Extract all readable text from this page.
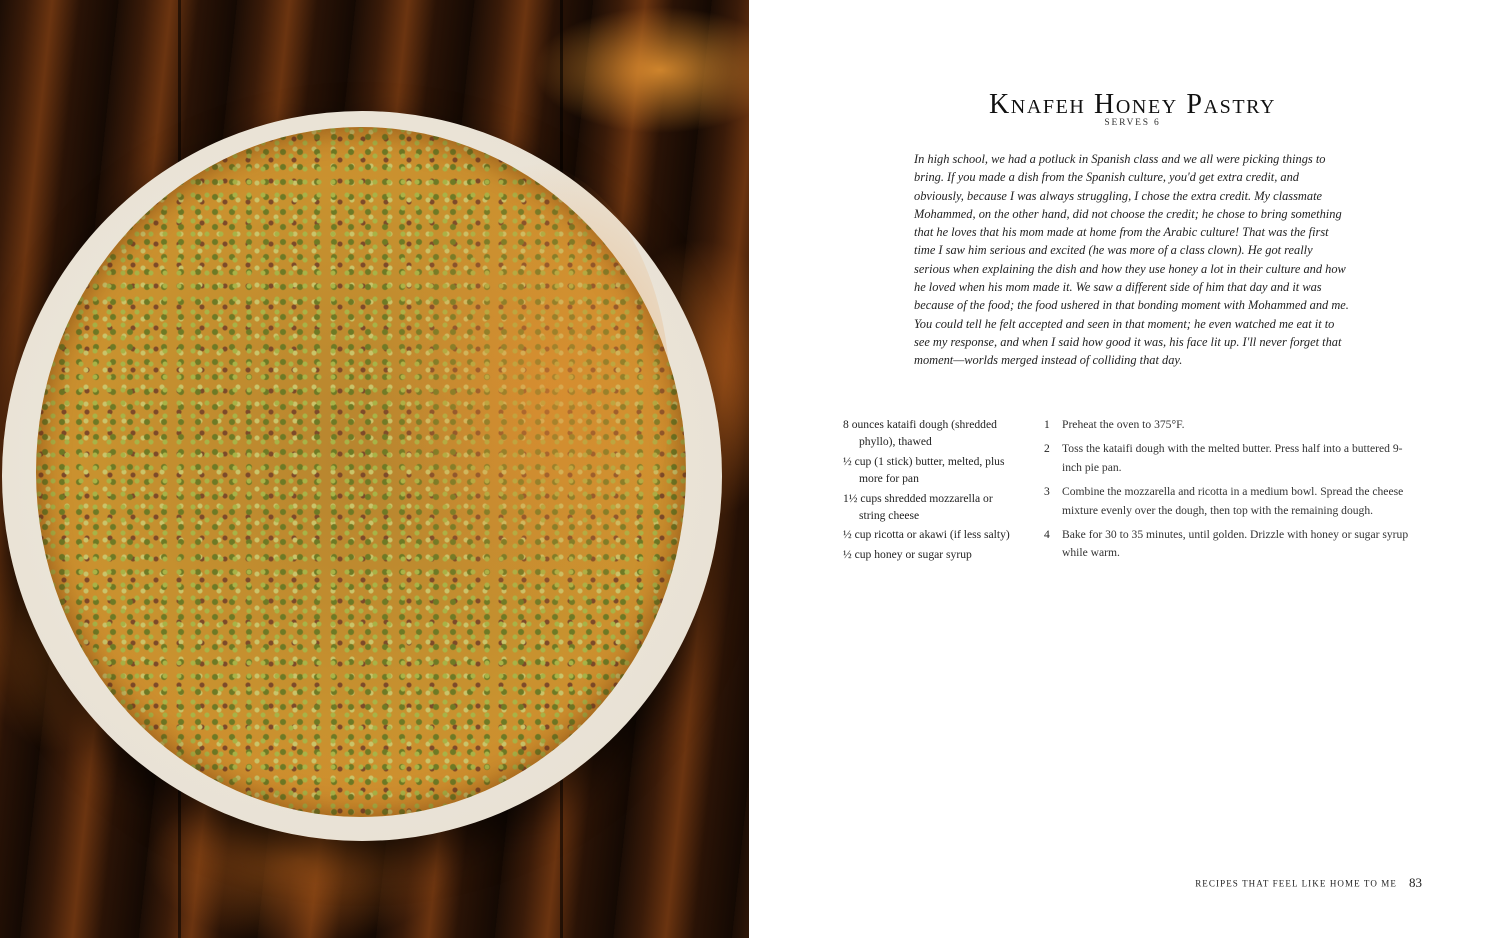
Knafeh Honey Pastry
SERVES 6

In high school, we had a potluck in Spanish class and we all were picking things to bring. If you made a dish from the Spanish culture, you'd get extra credit, and obviously, because I was always struggling, I chose the extra credit. My classmate Mohammed, on the other hand, did not choose the credit; he chose to bring something that he loves that his mom made at home from the Arabic culture! That was the first time I saw him serious and excited (he was more of a class clown). He got really serious when explaining the dish and how they use honey a lot in their culture and how he loved when his mom made it. We saw a different side of him that day and it was because of the food; the food ushered in that bonding moment with Mohammed and me. You could tell he felt accepted and seen in that moment; he even watched me eat it to see my response, and when I said how good it was, his face lit up. I'll never forget that moment—worlds merged instead of colliding that day.

8 ounces kataifi dough (shredded phyllo), thawed
½ cup (1 stick) butter, melted, plus more for pan
1½ cups shredded mozzarella or string cheese
½ cup ricotta or akawi (if less salty)
½ cup honey or sugar syrup
1 Preheat the oven to 375°F.
2 Toss the kataifi dough with the melted butter. Press half into a buttered 9-inch pie pan.
3 Combine the mozzarella and ricotta in a medium bowl. Spread the cheese mixture evenly over the dough, then top with the remaining dough.
4 Bake for 30 to 35 minutes, until golden. Drizzle with honey or sugar syrup while warm.
RECIPES THAT FEEL LIKE HOME TO ME 83
